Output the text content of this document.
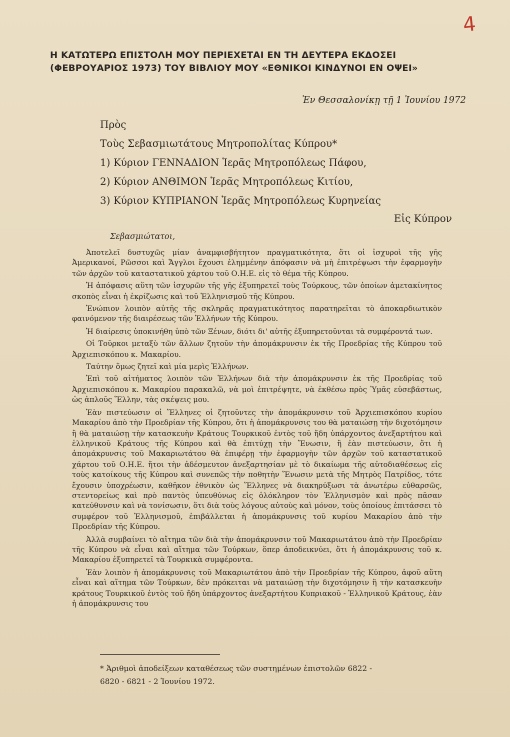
4
Η ΚΑΤΩΤΕΡΩ ΕΠΙΣΤΟΛΗ ΜΟΥ ΠΕΡΙΕΧΕΤΑΙ ΕΝ ΤΗ ΔΕΥΤΕΡΑ ΕΚΔΟΣΕΙ
(ΦΕΒΡΟΥΑΡΙΟΣ 1973) ΤΟΥ ΒΙΒΛΙΟΥ ΜΟΥ «ΕΘΝΙΚΟΙ ΚΙΝΔΥΝΟΙ ΕΝ ΟΨΕΙ»
Ἐν Θεσσαλονίκῃ τῇ 1 Ἰουνίου 1972
Πρὸς
Τοὺς Σεβασμιωτάτους Μητροπολίτας Κύπρου*
1) Κύριον ΓΕΝΝΑΔΙΟΝ Ἱερᾶς Μητροπόλεως Πάφου,
2) Κύριον ΑΝΘΙΜΟΝ Ἱερᾶς Μητροπόλεως Κιτίου,
3) Κύριον ΚΥΠΡΙΑΝΟΝ Ἱερᾶς Μητροπόλεως Κυρηνείας
Εἰς Κύπρον
Σεβασμιώτατοι,

Ἀποτελεῖ δυστυχῶς μίαν ἀναμφισβήτητον πραγματικότητα, ὅτι οἱ ἰσχυροὶ τῆς γῆς Ἀμερικανοί, Ρῶσσοι καὶ Ἄγγλοι ἔχουσι ἐλημμένην ἀπόφασιν νὰ μὴ ἐπιτρέψωσι τὴν ἐφαρμογὴν τῶν ἀρχῶν τοῦ καταστατικοῦ χάρτου τοῦ Ο.Η.Ε. εἰς τὸ θέμα τῆς Κύπρου.

Ἡ ἀπόφασις αὕτη τῶν ἰσχυρῶν τῆς γῆς ἐξυπηρετεῖ τοὺς Τούρκους, τῶν ὁποίων ἀμετακίνητος σκοπὸς εἶναι ἡ ἐκρίζωσις καὶ τοῦ Ἑλληνισμοῦ τῆς Κύπρου.

Ἐνώπιον λοιπὸν αὐτῆς τῆς σκληρᾶς πραγματικότητος παρατηρεῖται τὸ ἀποκαρδιωτικὸν φαινόμενον τῆς διαιρέσεως τῶν Ἑλλήνων τῆς Κύπρου.

Ἡ διαίρεσις ὑποκινήθη ὑπὸ τῶν Ξένων, διότι δι' αὐτῆς ἐξυπηρετοῦνται τὰ συμφέροντά των.

Οἱ Τοῦρκοι μεταξὺ τῶν ἄλλων ζητοῦν τὴν ἀπομάκρυνσιν ἐκ τῆς Προεδρίας τῆς Κύπρου τοῦ Ἀρχιεπισκόπου κ. Μακαρίου.

Ταύτην ὅμως ζητεῖ καὶ μία μερὶς Ἑλλήνων.

Ἐπὶ τοῦ αἰτήματος λοιπὸν τῶν Ἑλλήνων διὰ τὴν ἀπομάκρυνσιν ἐκ τῆς Προεδρίας τοῦ Ἀρχιεπισκόπου κ. Μακαρίου παρακαλῶ, νὰ μοὶ ἐπιτρέψητε, νὰ ἐκθέσω πρὸς Ὑμᾶς εὐσεβάστως, ὡς ἁπλοῦς Ἕλλην, τὰς σκέψεις μου.

Ἐὰν πιστεύωσιν οἱ Ἕλληνες οἱ ζητοῦντες τὴν ἀπομάκρυνσιν τοῦ Ἀρχιεπισκόπου κυρίου Μακαρίου ἀπὸ τὴν Προεδρίαν τῆς Κύπρου, ὅτι ἡ ἀπομάκρυνσις του θὰ ματαιώσῃ τὴν διχοτόμησιν ἢ θὰ ματαιώσῃ τὴν κατασκευὴν Κράτους Τουρκικοῦ ἐντὸς τοῦ ἤδη ὑπάρχοντος ἀνεξαρτήτου καὶ ἑλληνικοῦ Κράτους τῆς Κύπρου καὶ θὰ ἐπιτύχῃ τὴν Ἕνωσιν, ἢ ἐὰν πιστεύωσιν, ὅτι ἡ ἀπομάκρυνσις τοῦ Μακαριωτάτου θὰ ἐπιφέρῃ τὴν ἐφαρμογὴν τῶν ἀρχῶν τοῦ καταστατικοῦ χάρτου τοῦ Ο.Η.Ε. ἤτοι τὴν ἀδέσμευτον ἀνεξαρτησίαν μὲ τὸ δικαίωμα τῆς αὐτοδιαθέσεως εἰς τοὺς κατοίκους τῆς Κύπρου καὶ συνεπῶς τὴν ποθητὴν Ἕνωσιν μετὰ τῆς Μητρὸς Πατρίδος, τότε ἔχουσιν ὑποχρέωσιν, καθῆκον ἐθνικὸν ὡς Ἕλληνες νὰ διακηρύξωσι τὰ ἀνωτέρω εὐθαρσῶς, στεντορείως καὶ πρὸ παντὸς ὑπευθύνως εἰς ὁλόκληρον τὸν Ἑλληνισμὸν καὶ πρὸς πᾶσαν κατεύθυνσιν καὶ νὰ τονίσωσιν, ὅτι διὰ τοὺς λόγους αὐτοὺς καὶ μόνον, τοὺς ὁποίους ἐπιτάσσει τὸ συμφέρον τοῦ Ἑλληνισμοῦ, ἐπιβάλλεται ἡ ἀπομάκρυνσις τοῦ κυρίου Μακαρίου ἀπὸ τὴν Προεδρίαν τῆς Κύπρου.

Ἀλλὰ συμβαίνει τὸ αἴτημα τῶν διὰ τὴν ἀπομάκρυνσιν τοῦ Μακαριωτάτου ἀπὸ τὴν Προεδρίαν τῆς Κύπρου νὰ εἶναι καὶ αἴτημα τῶν Τούρκων, ὅπερ ἀποδεικνύει, ὅτι ἡ ἀπομάκρυνσις τοῦ κ. Μακαρίου ἐξυπηρετεῖ τὰ Τουρκικὰ συμφέροντα.

Ἐὰν λοιπὸν ἡ ἀπομάκρυνσις τοῦ Μακαριωτάτου ἀπὸ τὴν Προεδρίαν τῆς Κύπρου, ἀφοῦ αὕτη εἶναι καὶ αἴτημα τῶν Τούρκων, δὲν πρόκειται νὰ ματαιώσῃ τὴν διχοτόμησιν ἢ τὴν κατασκευὴν κράτους Τουρκικοῦ ἐντὸς τοῦ ἤδη ὑπάρχοντος ἀνεξαρτήτου Κυπριακοῦ - Ἑλληνικοῦ Κράτους, ἐὰν ἡ ἀπομάκρυνσις του

* Ἀριθμοὶ ἀποδείξεων καταθέσεως τῶν συστημένων ἐπιστολῶν 6822 -
6820 - 6821 - 2 Ἰουνίου 1972.
